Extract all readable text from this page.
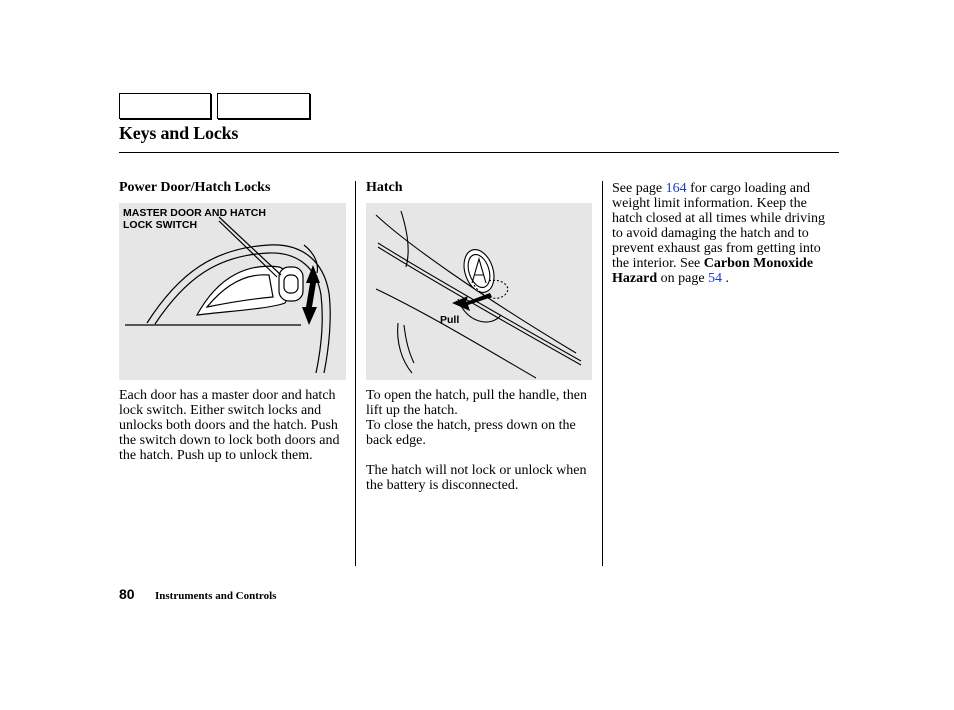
Keys and Locks
Power Door/Hatch Locks
MASTER DOOR AND HATCH
LOCK SWITCH

Each door has a master door and hatch lock switch. Either switch locks and unlocks both doors and the hatch. Push the switch down to lock both doors and the hatch. Push up to unlock them.

Hatch
Pull

To open the hatch, pull the handle, then lift up the hatch.

To close the hatch, press down on the back edge.

The hatch will not lock or unlock when the battery is disconnected.

See page 164 for cargo loading and weight limit information. Keep the hatch closed at all times while driving to avoid damaging the hatch and to prevent exhaust gas from getting into the interior. See Carbon Monoxide Hazard on page 54 .

80 Instruments and Controls
